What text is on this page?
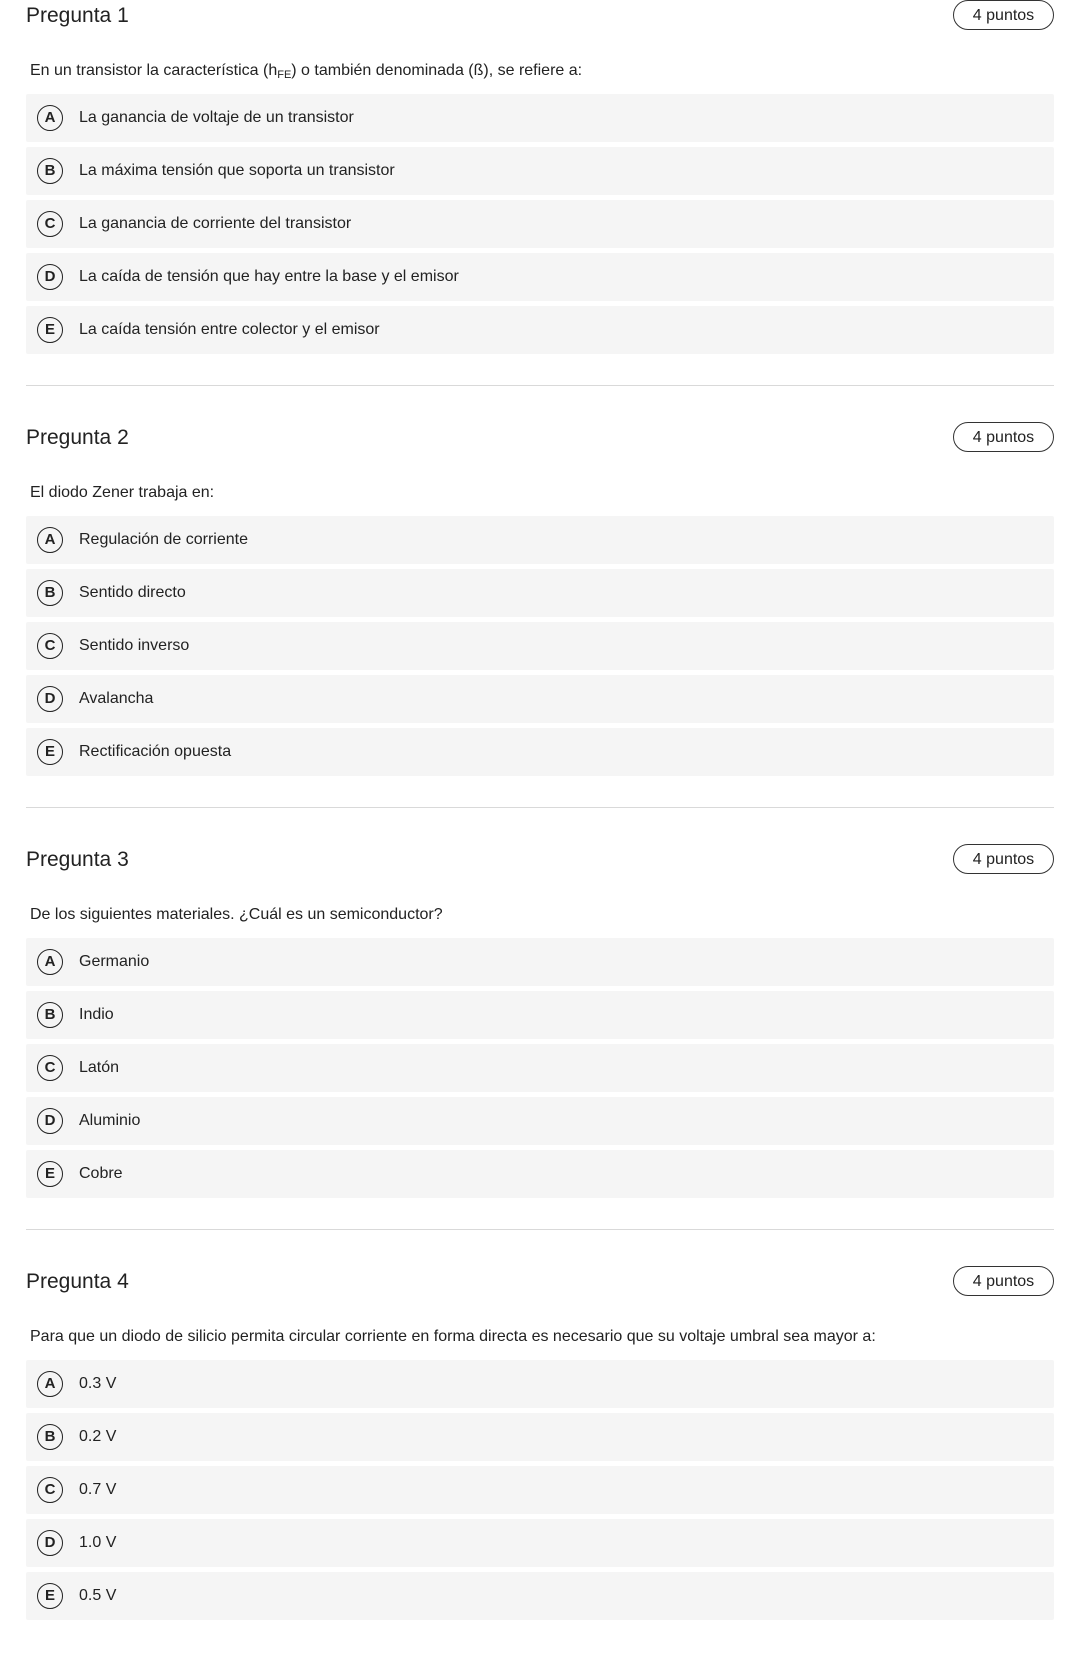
Pregunta 1	4 puntos
En un transistor la característica $(h_{FE})$ o también denominada (ß), se refiere a:
A	La ganancia de voltaje de un transistor
B	La máxima tensión que soporta un transistor
C	La ganancia de corriente del transistor
D	La caída de tensión que hay entre la base y el emisor
E	La caída tensión entre colector y el emisor
Pregunta 2	4 puntos
El diodo Zener trabaja en:
A	Regulación de corriente
B	Sentido directo
C	Sentido inverso
D	Avalancha
E	Rectificación opuesta
Pregunta 3	4 puntos
De los siguientes materiales. ¿Cuál es un semiconductor?
A	Germanio
B	Indio
C	Latón
D	Aluminio
E	Cobre
Pregunta 4	4 puntos
Para que un diodo de silicio permita circular corriente en forma directa es necesario que su voltaje umbral sea mayor a:
A	0.3 V
B	0.2 V
C	0.7 V
D	1.0 V
E	0.5 V
